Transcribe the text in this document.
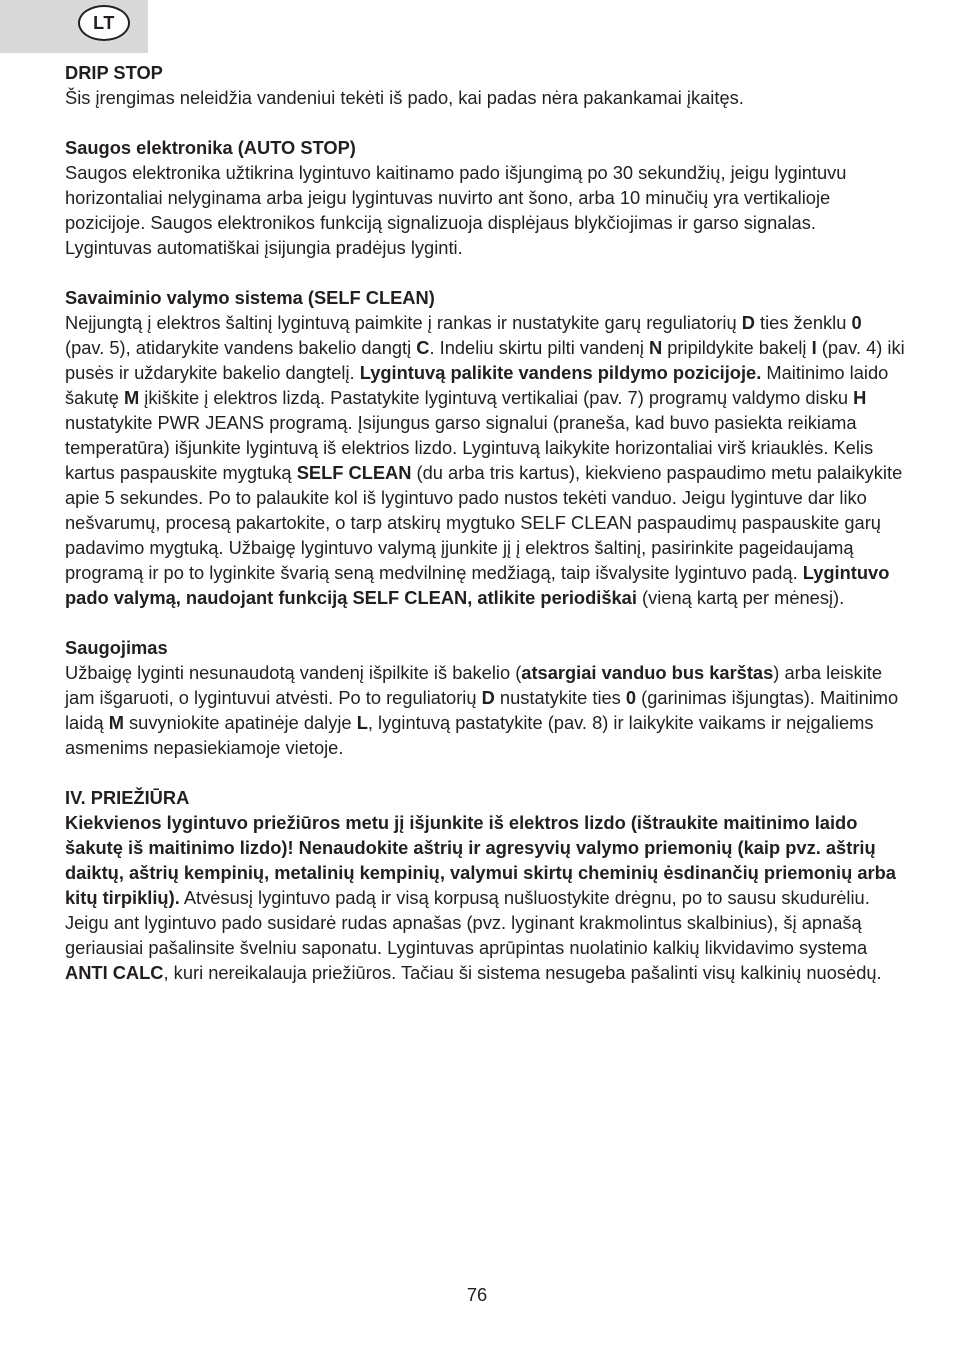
LT

DRIP STOP

Šis įrengimas neleidžia vandeniui tekėti iš pado, kai padas nėra pakankamai įkaitęs.

Saugos elektronika (AUTO STOP)

Saugos elektronika užtikrina lygintuvo kaitinamo pado išjungimą po 30 sekundžių, jeigu lygintuvu horizontaliai nelyginama arba jeigu lygintuvas nuvirto ant šono, arba 10 minučių yra vertikalioje pozicijoje. Saugos elektronikos funkciją signalizuoja displėjaus blykčiojimas ir garso signalas. Lygintuvas automatiškai įsijungia pradėjus lyginti.

Savaiminio valymo sistema (SELF CLEAN)

Neįjungtą į elektros šaltinį lygintuvą paimkite į rankas ir nustatykite garų reguliatorių D ties ženklu 0 (pav. 5), atidarykite vandens bakelio dangtį C. Indeliu skirtu pilti vandenį N pripildykite bakelį I (pav. 4) iki pusės ir uždarykite bakelio dangtelį. Lygintuvą palikite vandens pildymo pozicijoje. Maitinimo laido šakutę M įkiškite į elektros lizdą. Pastatykite lygintuvą vertikaliai (pav. 7) programų valdymo disku H nustatykite PWR JEANS programą. Įsijungus garso signalui (praneša, kad buvo pasiekta reikiama temperatūra) išjunkite lygintuvą iš elektrios lizdo. Lygintuvą laikykite horizontaliai virš kriauklės. Kelis kartus paspauskite mygtuką SELF CLEAN (du arba tris kartus), kiekvieno paspaudimo metu palaikykite apie 5 sekundes. Po to palaukite kol iš lygintuvo pado nustos tekėti vanduo. Jeigu lygintuve dar liko nešvarumų, procesą pakartokite, o tarp atskirų mygtuko SELF CLEAN paspaudimų paspauskite garų padavimo mygtuką. Užbaigę lygintuvo valymą įjunkite jį į elektros šaltinį, pasirinkite pageidaujamą programą ir po to lyginkite švarią seną medvilninę medžiagą, taip išvalysite lygintuvo padą. Lygintuvo pado valymą, naudojant funkciją SELF CLEAN, atlikite periodiškai (vieną kartą per mėnesį).

Saugojimas

Užbaigę lyginti nesunaudotą vandenį išpilkite iš bakelio (atsargiai vanduo bus karštas) arba leiskite jam išgaruoti, o lygintuvui atvėsti. Po to reguliatorių D nustatykite ties 0 (garinimas išjungtas). Maitinimo laidą M suvyniokite apatinėje dalyje L, lygintuvą pastatykite (pav. 8) ir laikykite vaikams ir neįgaliems asmenims nepasiekiamoje vietoje.

IV. PRIEŽIŪRA

Kiekvienos lygintuvo priežiūros metu jį išjunkite iš elektros lizdo (ištraukite maitinimo laido šakutę iš maitinimo lizdo)! Nenaudokite aštrių ir agresyvių valymo priemonių (kaip pvz. aštrių daiktų, aštrių kempinių, metalinių kempinių, valymui skirtų cheminių ėsdinančių priemonių arba kitų tirpiklių). Atvėsusį lygintuvo padą ir visą korpusą nušluostykite drėgnu, po to sausu skudurėliu. Jeigu ant lygintuvo pado susidarė rudas apnašas (pvz. lyginant krakmolintus skalbinius), šį apnašą geriausiai pašalinsite švelniu saponatu. Lygintuvas aprūpintas nuolatinio kalkių likvidavimo systema ANTI CALC, kuri nereikalauja priežiūros. Tačiau ši sistema nesugeba pašalinti visų kalkinių nuosėdų.

76
